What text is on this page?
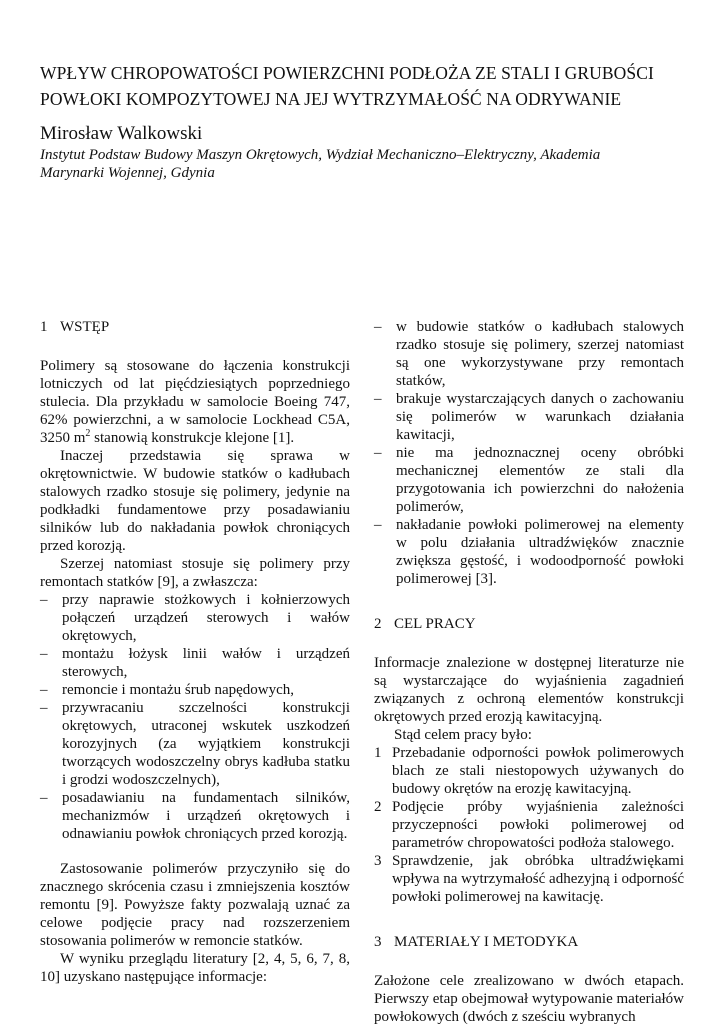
WPŁYW CHROPOWATOŚCI POWIERZCHNI PODŁOŻA ZE STALI I GRUBOŚCI
POWŁOKI KOMPOZYTOWEJ NA JEJ WYTRZYMAŁOŚĆ NA ODRYWANIE
Mirosław Walkowski
Instytut Podstaw Budowy Maszyn Okrętowych, Wydział Mechaniczno–Elektryczny, Akademia
Marynarki Wojennej, Gdynia
1 WSTĘP
Polimery są stosowane do łączenia konstrukcji lotniczych od lat pięćdziesiątych poprzedniego stulecia. Dla przykładu w samolocie Boeing 747, 62% powierzchni, a w samolocie Lockhead C5A, 3250 $m^2$ stanowią konstrukcje klejone [1].
Inaczej przedstawia się sprawa w okrętownictwie. W budowie statków o kadłubach stalowych rzadko stosuje się polimery, jedynie na podkładki fundamentowe przy posadawianiu silników lub do nakładania powłok chroniących przed korozją.
Szerzej natomiast stosuje się polimery przy remontach statków [9], a zwłaszcza:
– przy naprawie stożkowych i kołnierzowych połączeń urządzeń sterowych i wałów okrętowych,
– montażu łożysk linii wałów i urządzeń sterowych,
– remoncie i montażu śrub napędowych,
– przywracaniu szczelności konstrukcji okrętowych, utraconej wskutek uszkodzeń korozyjnych (za wyjątkiem konstrukcji tworzących wodoszczelny obrys kadłuba statku i grodzi wodoszczelnych),
– posadawianiu na fundamentach silników, mechanizmów i urządzeń okrętowych i odnawianiu powłok chroniących przed korozją.
Zastosowanie polimerów przyczyniło się do znacznego skrócenia czasu i zmniejszenia kosztów remontu [9]. Powyższe fakty pozwalają uznać za celowe podjęcie pracy nad rozszerzeniem stosowania polimerów w remoncie statków.
W wyniku przeglądu literatury [2, 4, 5, 6, 7, 8, 10] uzyskano następujące informacje:
– w budowie statków o kadłubach stalowych rzadko stosuje się polimery, szerzej natomiast są one wykorzystywane przy remontach statków,
– brakuje wystarczających danych o zachowaniu się polimerów w warunkach działania kawitacji,
– nie ma jednoznacznej oceny obróbki mechanicznej elementów ze stali dla przygotowania ich powierzchni do nałożenia polimerów,
– nakładanie powłoki polimerowej na elementy w polu działania ultradźwięków znacznie zwiększa gęstość, i wodoodporność powłoki polimerowej [3].
2 CEL PRACY
Informacje znalezione w dostępnej literaturze nie są wystarczające do wyjaśnienia zagadnień związanych z ochroną elementów konstrukcji okrętowych przed erozją kawitacyjną.
Stąd celem pracy było:
1 Przebadanie odporności powłok polimerowych blach ze stali niestopowych używanych do budowy okrętów na erozję kawitacyjną.
2 Podjęcie próby wyjaśnienia zależności przyczepności powłoki polimerowej od parametrów chropowatości podłoża stalowego.
3 Sprawdzenie, jak obróbka ultradźwiękami wpływa na wytrzymałość adhezyjną i odporność powłoki polimerowej na kawitację.
3 MATERIAŁY I METODYKA
Założone cele zrealizowano w dwóch etapach. Pierwszy etap obejmował wytypowanie materiałów powłokowych (dwóch z sześciu wybranych
